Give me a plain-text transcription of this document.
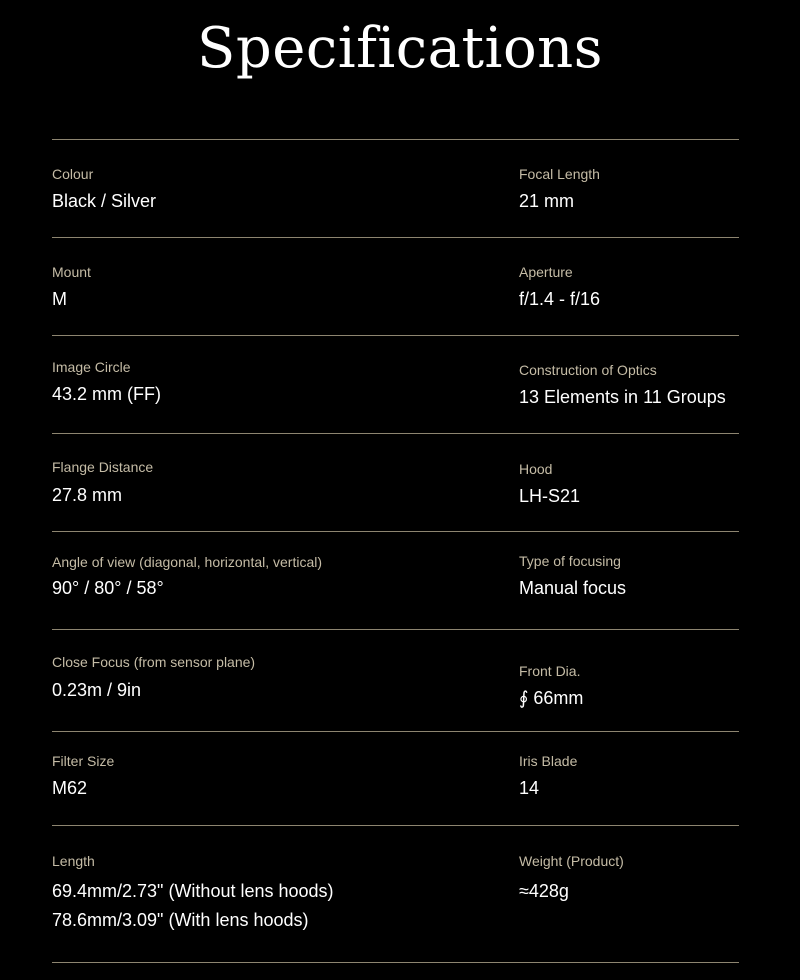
Specifications
Colour
Black / Silver
Focal Length
21 mm
Mount
M
Aperture
f/1.4 - f/16
Image Circle
43.2 mm (FF)
Construction of Optics
13 Elements in 11 Groups
Flange Distance
27.8 mm
Hood
LH-S21
Angle of view (diagonal, horizontal, vertical)
90° / 80° / 58°
Type of focusing
Manual focus
Close Focus (from sensor plane)
0.23m / 9in
Front Dia.
∮ 66mm
Filter Size
M62
Iris Blade
14
Length
69.4mm/2.73" (Without lens hoods)
78.6mm/3.09" (With lens hoods)
Weight (Product)
≈428g
